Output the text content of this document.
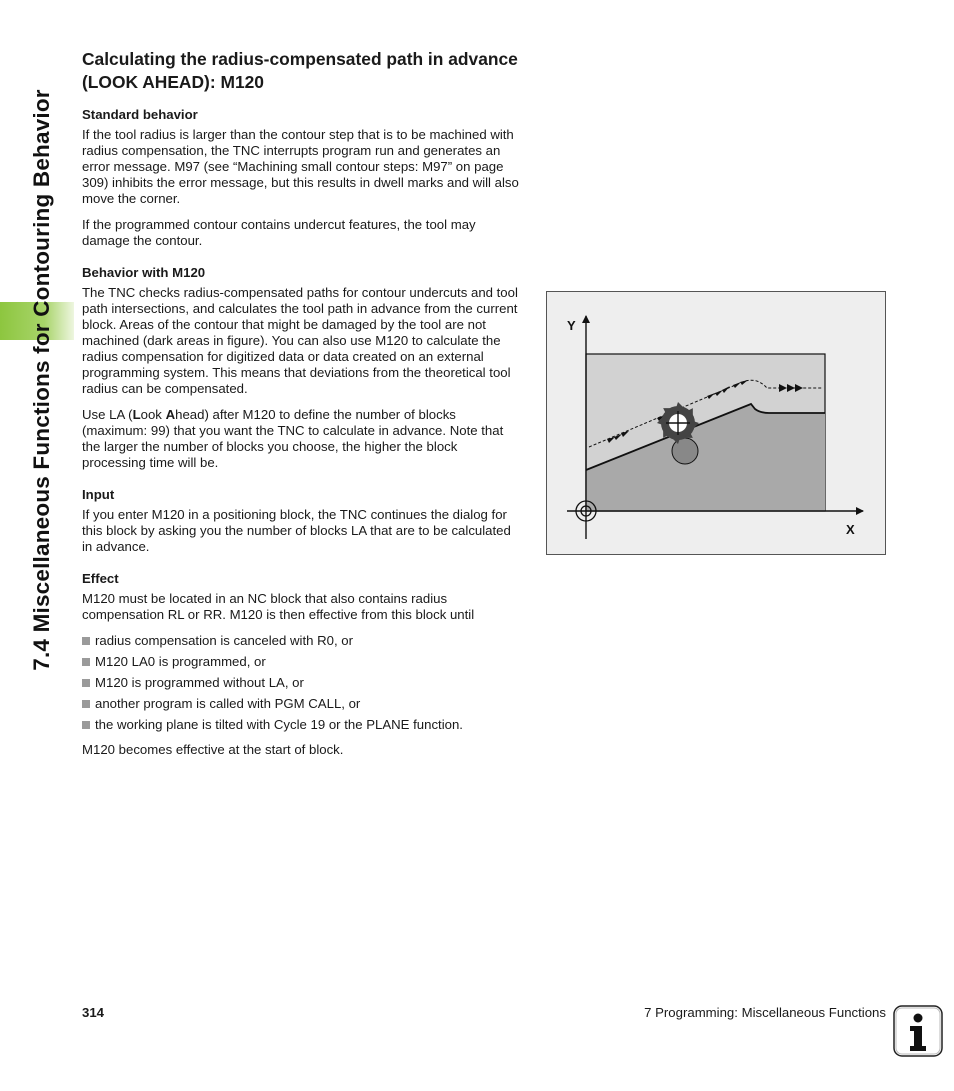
7.4 Miscellaneous Functions for Contouring Behavior
Calculating the radius-compensated path in advance (LOOK AHEAD): M120
Standard behavior

If the tool radius is larger than the contour step that is to be machined with radius compensation, the TNC interrupts program run and generates an error message. M97 (see “Machining small contour steps: M97” on page 309) inhibits the error message, but this results in dwell marks and will also move the corner.

If the programmed contour contains undercut features, the tool may damage the contour.

Behavior with M120

The TNC checks radius-compensated paths for contour undercuts and tool path intersections, and calculates the tool path in advance from the current block. Areas of the contour that might be damaged by the tool are not machined (dark areas in figure). You can also use M120 to calculate the radius compensation for digitized data or data created on an external programming system. This means that deviations from the theoretical tool radius can be compensated.

Use LA (Look Ahead) after M120 to define the number of blocks (maximum: 99) that you want the TNC to calculate in advance. Note that the larger the number of blocks you choose, the higher the block processing time will be.

Input

If you enter M120 in a positioning block, the TNC continues the dialog for this block by asking you the number of blocks LA that are to be calculated in advance.

Effect

M120 must be located in an NC block that also contains radius compensation RL or RR. M120 is then effective from this block until

radius compensation is canceled with R0, or
M120 LA0 is programmed, or
M120 is programmed without LA, or
another program is called with PGM CALL, or
the working plane is tilted with Cycle 19 or the PLANE function.

M120 becomes effective at the start of block.

Y
X
314	7 Programming: Miscellaneous Functions
